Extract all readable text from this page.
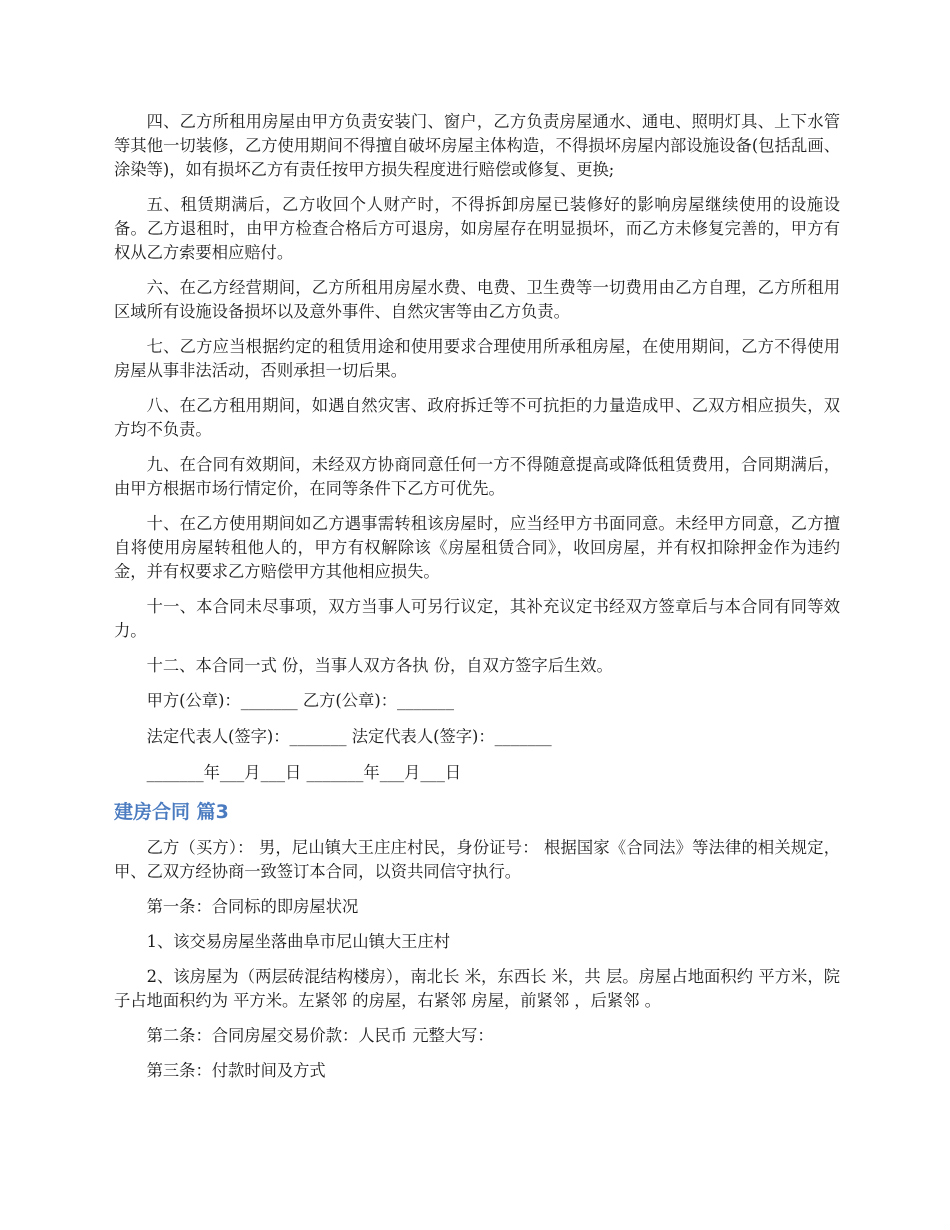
四、乙方所租用房屋由甲方负责安装门、窗户，乙方负责房屋通水、通电、照明灯具、上下水管等其他一切装修，乙方使用期间不得擅自破坏房屋主体构造，不得损坏房屋内部设施设备(包括乱画、涂染等)，如有损坏乙方有责任按甲方损失程度进行赔偿或修复、更换;

五、租赁期满后，乙方收回个人财产时，不得拆卸房屋已装修好的影响房屋继续使用的设施设备。乙方退租时，由甲方检查合格后方可退房，如房屋存在明显损坏，而乙方未修复完善的，甲方有权从乙方索要相应赔付。

六、在乙方经营期间，乙方所租用房屋水费、电费、卫生费等一切费用由乙方自理，乙方所租用区域所有设施设备损坏以及意外事件、自然灾害等由乙方负责。

七、乙方应当根据约定的租赁用途和使用要求合理使用所承租房屋，在使用期间，乙方不得使用房屋从事非法活动，否则承担一切后果。

八、在乙方租用期间，如遇自然灾害、政府拆迁等不可抗拒的力量造成甲、乙双方相应损失，双方均不负责。

九、在合同有效期间，未经双方协商同意任何一方不得随意提高或降低租赁费用，合同期满后，由甲方根据市场行情定价，在同等条件下乙方可优先。

十、在乙方使用期间如乙方遇事需转租该房屋时，应当经甲方书面同意。未经甲方同意，乙方擅自将使用房屋转租他人的，甲方有权解除该《房屋租赁合同》，收回房屋，并有权扣除押金作为违约金，并有权要求乙方赔偿甲方其他相应损失。

十一、本合同未尽事项，双方当事人可另行议定，其补充议定书经双方签章后与本合同有同等效力。

十二、本合同一式 份，当事人双方各执 份，自双方签字后生效。

甲方(公章)：_______ 乙方(公章)：_______

法定代表人(签字)：_______ 法定代表人(签字)：_______

_______年___月___日 _______年___月___日

建房合同 篇3

乙方（买方）： 男，尼山镇大王庄庄村民，身份证号： 根据国家《合同法》等法律的相关规定，甲、乙双方经协商一致签订本合同，以资共同信守执行。

第一条：合同标的即房屋状况

1、该交易房屋坐落曲阜市尼山镇大王庄村

2、该房屋为（两层砖混结构楼房），南北长 米，东西长 米，共 层。房屋占地面积约 平方米，院子占地面积约为 平方米。左紧邻 的房屋，右紧邻 房屋，前紧邻 ，后紧邻 。

第二条：合同房屋交易价款：人民币 元整大写：

第三条：付款时间及方式
